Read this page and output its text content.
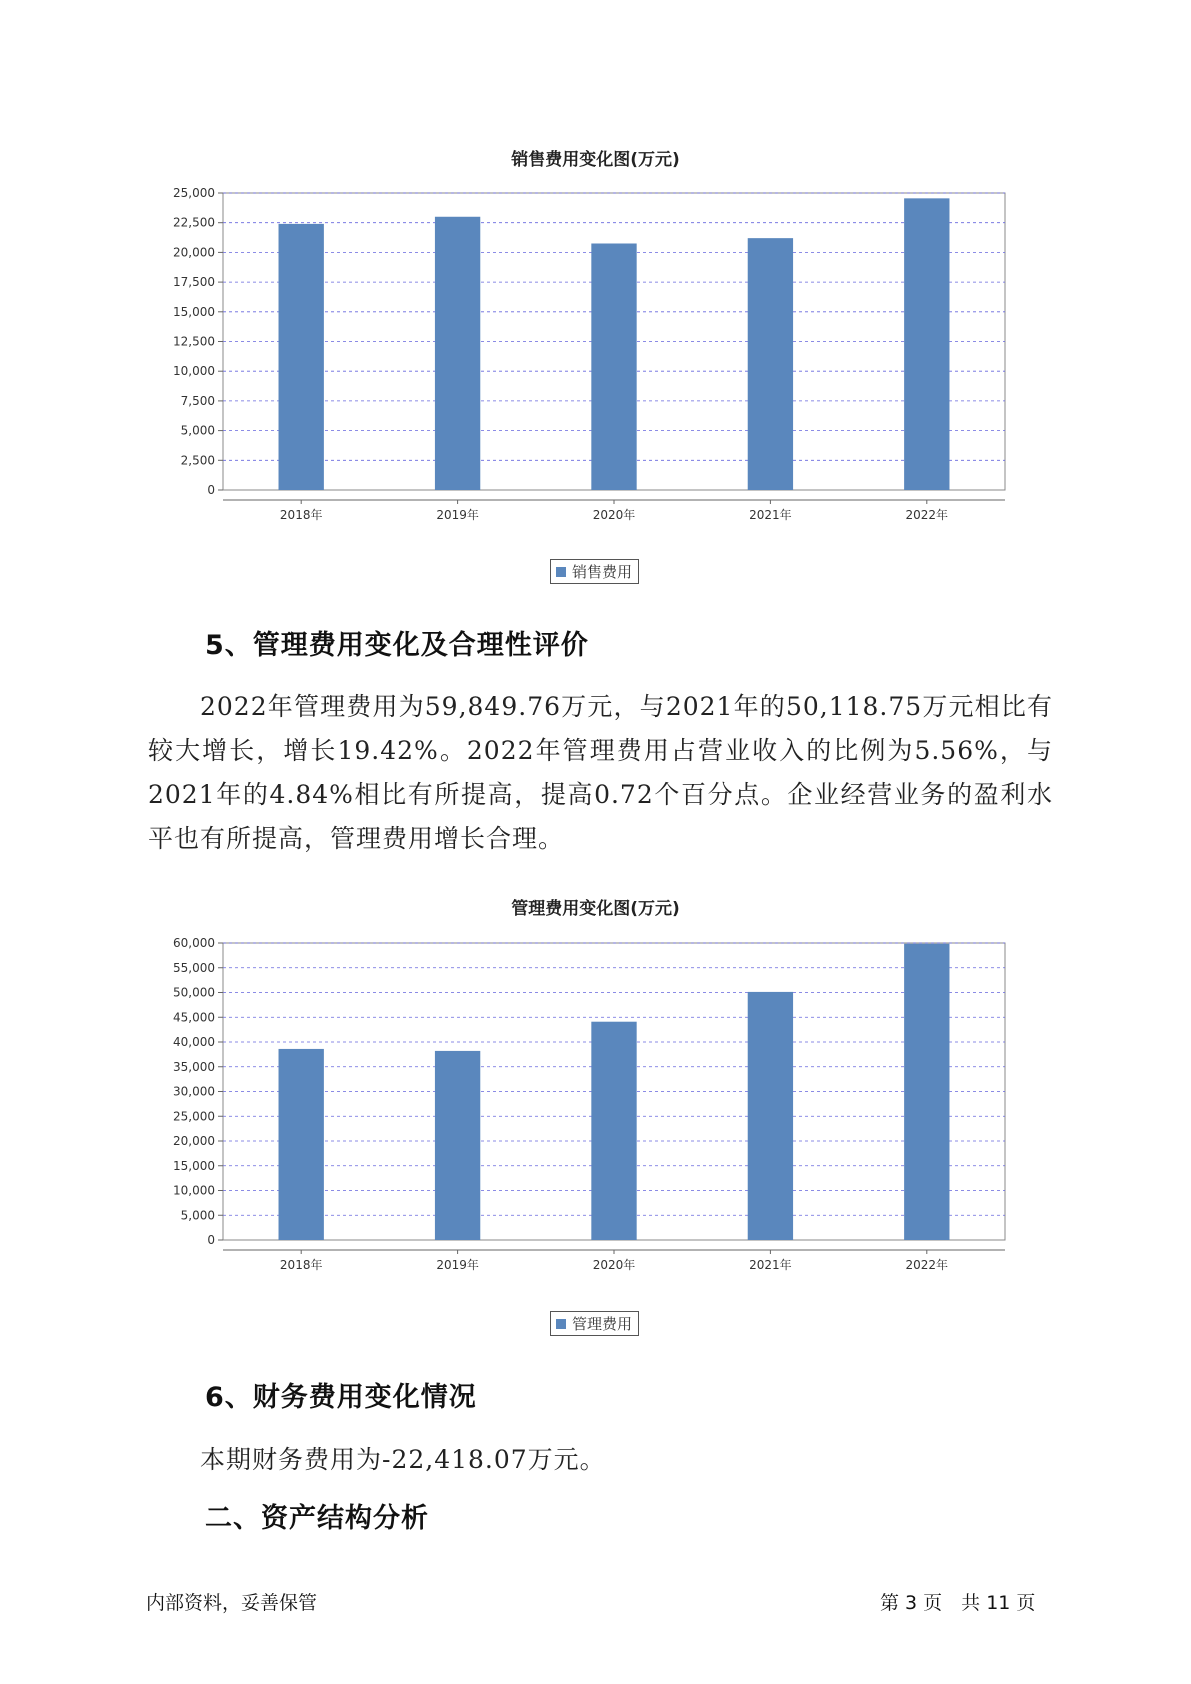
销售费用变化图(万元)
0
2,500
5,000
7,500
10,000
12,500
15,000
17,500
20,000
22,500
25,000
2018年	2019年	2020年	2021年	2022年
销售费用
5、管理费用变化及合理性评价
2022年管理费用为59,849.76万元，与2021年的50,118.75万元相比有较大增长，增长19.42%。2022年管理费用占营业收入的比例为5.56%，与2021年的4.84%相比有所提高，提高0.72个百分点。企业经营业务的盈利水平也有所提高，管理费用增长合理。
管理费用变化图(万元)
0
5,000
10,000
15,000
20,000
25,000
30,000
35,000
40,000
45,000
50,000
55,000
60,000
2018年	2019年	2020年	2021年	2022年
管理费用
6、财务费用变化情况
本期财务费用为-22,418.07万元。
二、资产结构分析
内部资料，妥善保管	第 3 页　共 11 页
